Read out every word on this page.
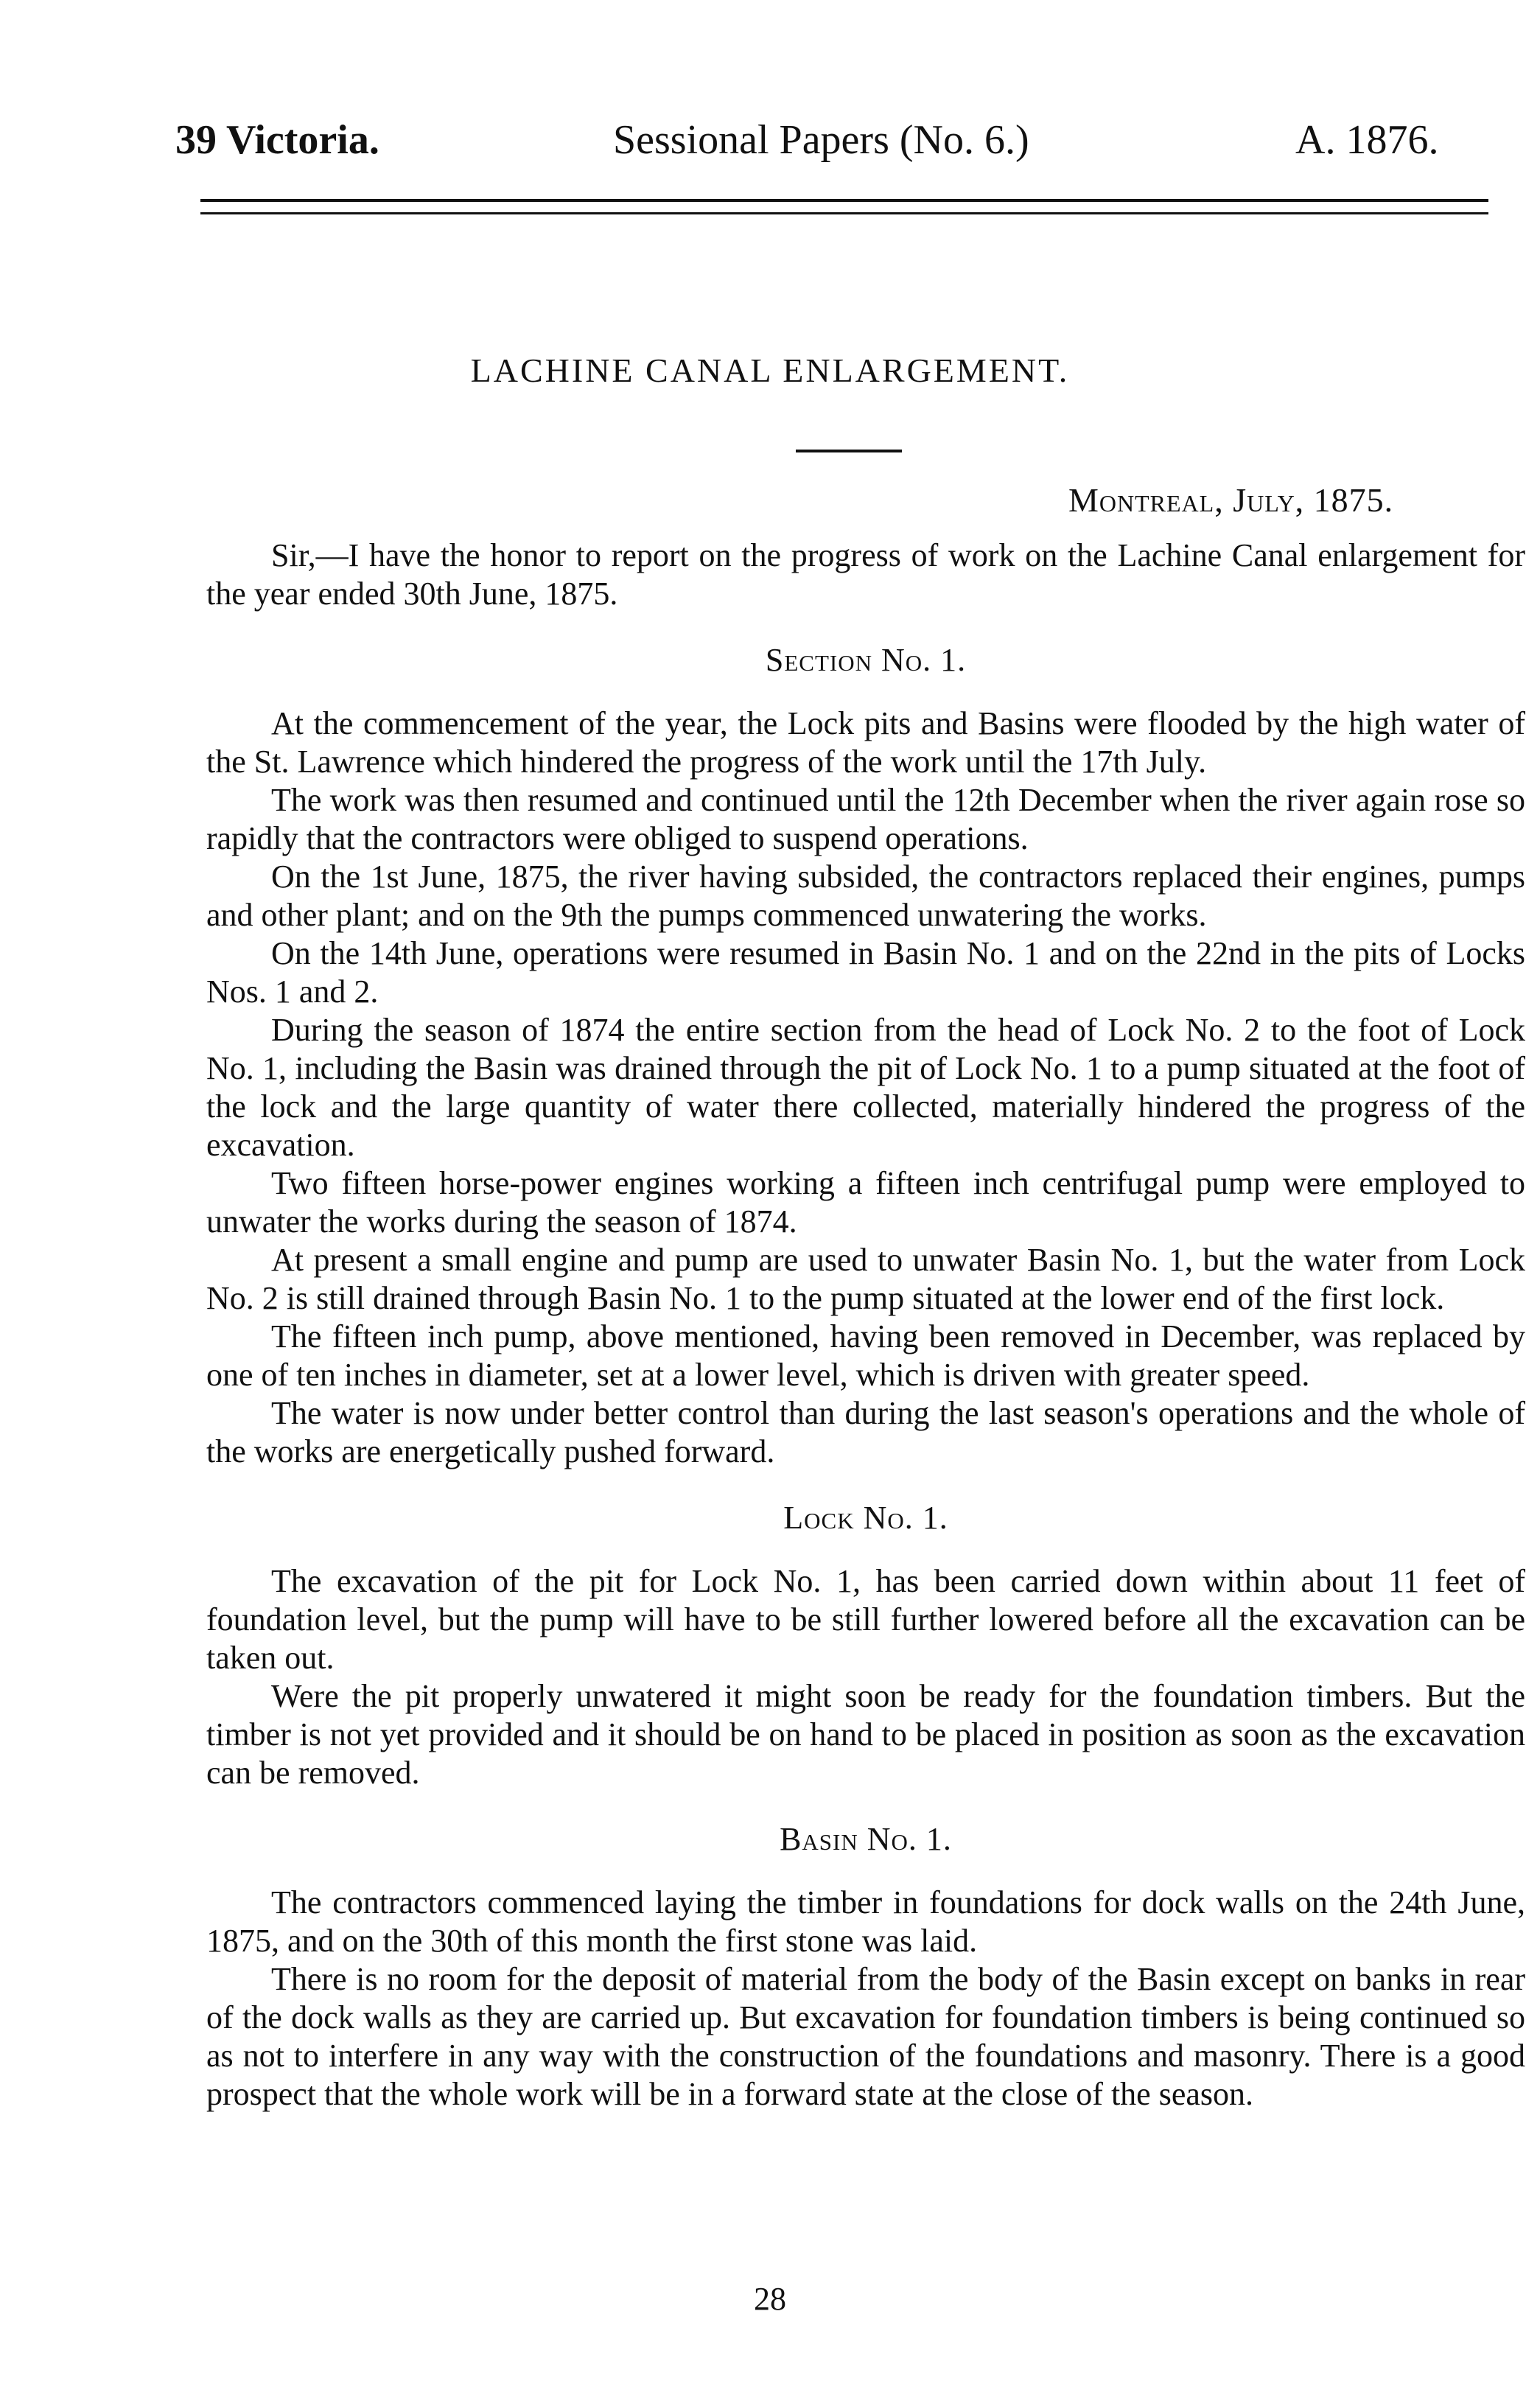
39 Victoria.	Sessional Papers (No. 6.)	A. 1876.
LACHINE CANAL ENLARGEMENT.
Montreal, July, 1875.

Sir,—I have the honor to report on the progress of work on the Lachine Canal enlargement for the year ended 30th June, 1875.

Section No. 1.

At the commencement of the year, the Lock pits and Basins were flooded by the high water of the St. Lawrence which hindered the progress of the work until the 17th July.

The work was then resumed and continued until the 12th December when the river again rose so rapidly that the contractors were obliged to suspend operations.

On the 1st June, 1875, the river having subsided, the contractors replaced their engines, pumps and other plant; and on the 9th the pumps commenced unwatering the works.

On the 14th June, operations were resumed in Basin No. 1 and on the 22nd in the pits of Locks Nos. 1 and 2.

During the season of 1874 the entire section from the head of Lock No. 2 to the foot of Lock No. 1, including the Basin was drained through the pit of Lock No. 1 to a pump situated at the foot of the lock and the large quantity of water there collected, materially hindered the progress of the excavation.

Two fifteen horse-power engines working a fifteen inch centrifugal pump were employed to unwater the works during the season of 1874.

At present a small engine and pump are used to unwater Basin No. 1, but the water from Lock No. 2 is still drained through Basin No. 1 to the pump situated at the lower end of the first lock.

The fifteen inch pump, above mentioned, having been removed in December, was replaced by one of ten inches in diameter, set at a lower level, which is driven with greater speed.

The water is now under better control than during the last season's operations and the whole of the works are energetically pushed forward.

Lock No. 1.

The excavation of the pit for Lock No. 1, has been carried down within about 11 feet of foundation level, but the pump will have to be still further lowered before all the excavation can be taken out.

Were the pit properly unwatered it might soon be ready for the foundation timbers. But the timber is not yet provided and it should be on hand to be placed in position as soon as the excavation can be removed.

Basin No. 1.

The contractors commenced laying the timber in foundations for dock walls on the 24th June, 1875, and on the 30th of this month the first stone was laid.

There is no room for the deposit of material from the body of the Basin except on banks in rear of the dock walls as they are carried up. But excavation for foundation timbers is being continued so as not to interfere in any way with the construction of the foundations and masonry. There is a good prospect that the whole work will be in a forward state at the close of the season.

28
